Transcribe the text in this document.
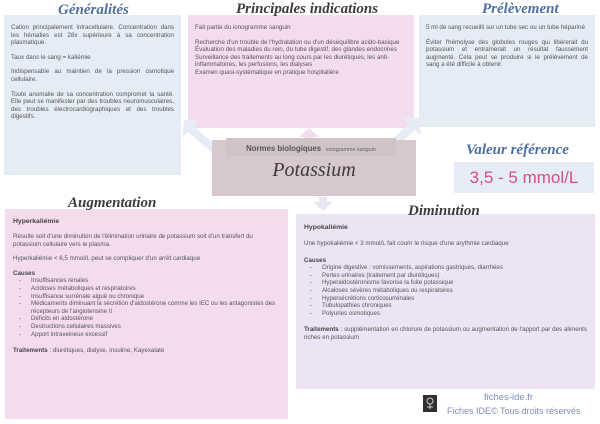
Cation principalement intracellulaire. Concentration dans les hématies est 28x supérieure à sa concentration plasmatique.

Taux dans le sang = kaliémie

Indispensable au maintien de la pression osmotique cellulaire.

Toute anomalie de sa concentration compromet la santé. Elle peut se manifester par des troubles neuromusculaires, des troubles électrocardiographiques et des troubles digestifs.

Généralités

Fait partie du ionogramme sanguin

Recherche d'un trouble de l'hydratation ou d'un déséquilibre acido-basique

Évaluation des maladies du rein, du tube digestif, des glandes endocrines

Surveillance des traitements au long cours par les diurétiques, les anti-inflammatoires, les perfusions, les dialyses

Examen quasi-systématique en pratique hospitalière

Principales indications

5 ml de sang recueilli sur un tube sec ou un tube hépariné

Éviter l'hémolyse des globules rouges qui libérerait du potassium et entraînerait un résultat faussement augmenté. Cela peut se produire si le prélèvement de sang a été difficile à obtenir.

Prélèvement
Normes biologiques ionogramme sanguin
Potassium
Valeur référence
3,5 - 5 mmol/L
Hyperkaliémie

Résulte soit d'une diminution de l'élimination urinaire de potassium soit d'un transfert du potassium cellulaire vers le plasma.

Hyperkaliémie < 6,5 mmol/L peut se compliquer d'un arrêt cardiaque

Causes

- Insuffisances rénales
- Acidoses métaboliques et respiratoires
- Insuffisance surrénale aiguë ou chronique
- Médicaments diminuant la sécrétion d'aldostérone comme les IEC ou les antagonistes des récepteurs de l'angiotensine II
- Déficits en aldostérone
- Destructions cellulaires massives
- Apport intraveineux excessif

Traitements : diurétiques, dialyse, insuline, Kayexalate

Augmentation
Hypokaliémie

Une hypokaliémie < 3 mmol/L fait courir le risque d'une arythmie cardiaque

Causes

- Origine digestive : vomissements, aspirations gastriques, diarrhées
- Pertes urinaires (traitement par diurétiques)
- Hyperaldostéronisme favorise la fuite potassique
- Alcaloses sévères métaboliques ou respiratoires
- Hypersécrétions corticosurrénales
- Tubulopathies chroniques
- Polyuries osmotiques

Traitements : supplémentation en chlorure de potassium ou augmentation de l'apport par des aliments riches en potassium

Diminution
fiches-ide.fr
Fiches IDE© Tous droits réservés
